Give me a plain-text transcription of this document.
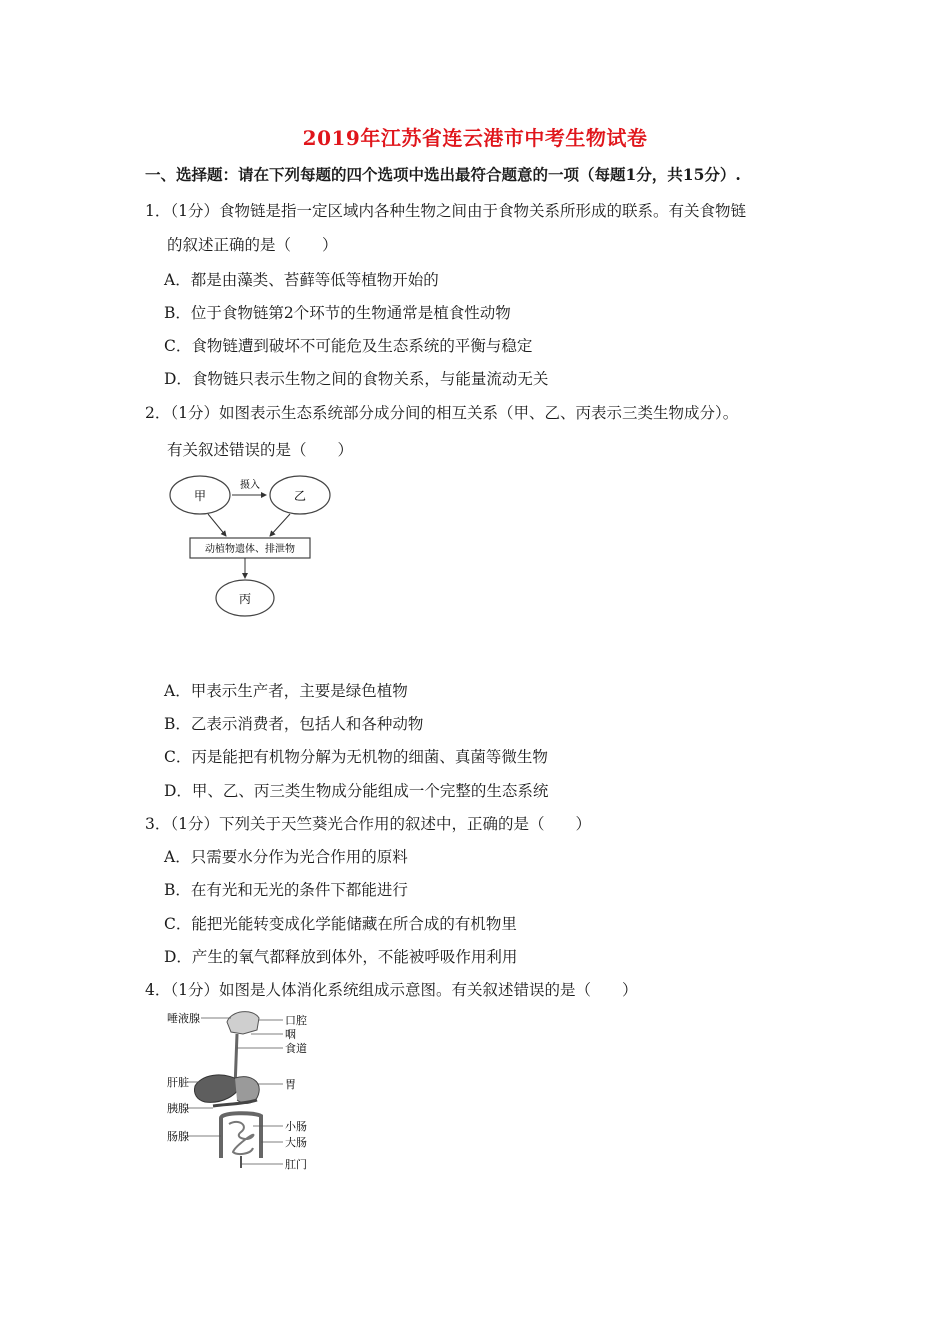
2019年江苏省连云港市中考生物试卷
一、选择题：请在下列每题的四个选项中选出最符合题意的一项（每题1分，共15分）.
1．（1分）食物链是指一定区域内各种生物之间由于食物关系所形成的联系。有关食物链
的叙述正确的是（　　）
A．都是由藻类、苔藓等低等植物开始的
B．位于食物链第2个环节的生物通常是植食性动物
C．食物链遭到破坏不可能危及生态系统的平衡与稳定
D．食物链只表示生物之间的食物关系，与能量流动无关
2．（1分）如图表示生态系统部分成分间的相互关系（甲、乙、丙表示三类生物成分）。
有关叙述错误的是（　　）
甲	乙
摄入
动植物遗体、排泄物
丙
A．甲表示生产者，主要是绿色植物
B．乙表示消费者，包括人和各种动物
C．丙是能把有机物分解为无机物的细菌、真菌等微生物
D．甲、乙、丙三类生物成分能组成一个完整的生态系统
3．（1分）下列关于天竺葵光合作用的叙述中，正确的是（　　）
A．只需要水分作为光合作用的原料
B．在有光和无光的条件下都能进行
C．能把光能转变成化学能储藏在所合成的有机物里
D．产生的氧气都释放到体外，不能被呼吸作用利用
4．（1分）如图是人体消化系统组成示意图。有关叙述错误的是（　　）
唾液腺	口腔
咽
食道
肝脏	胃
胰腺
小肠
肠腺	大肠
肛门
